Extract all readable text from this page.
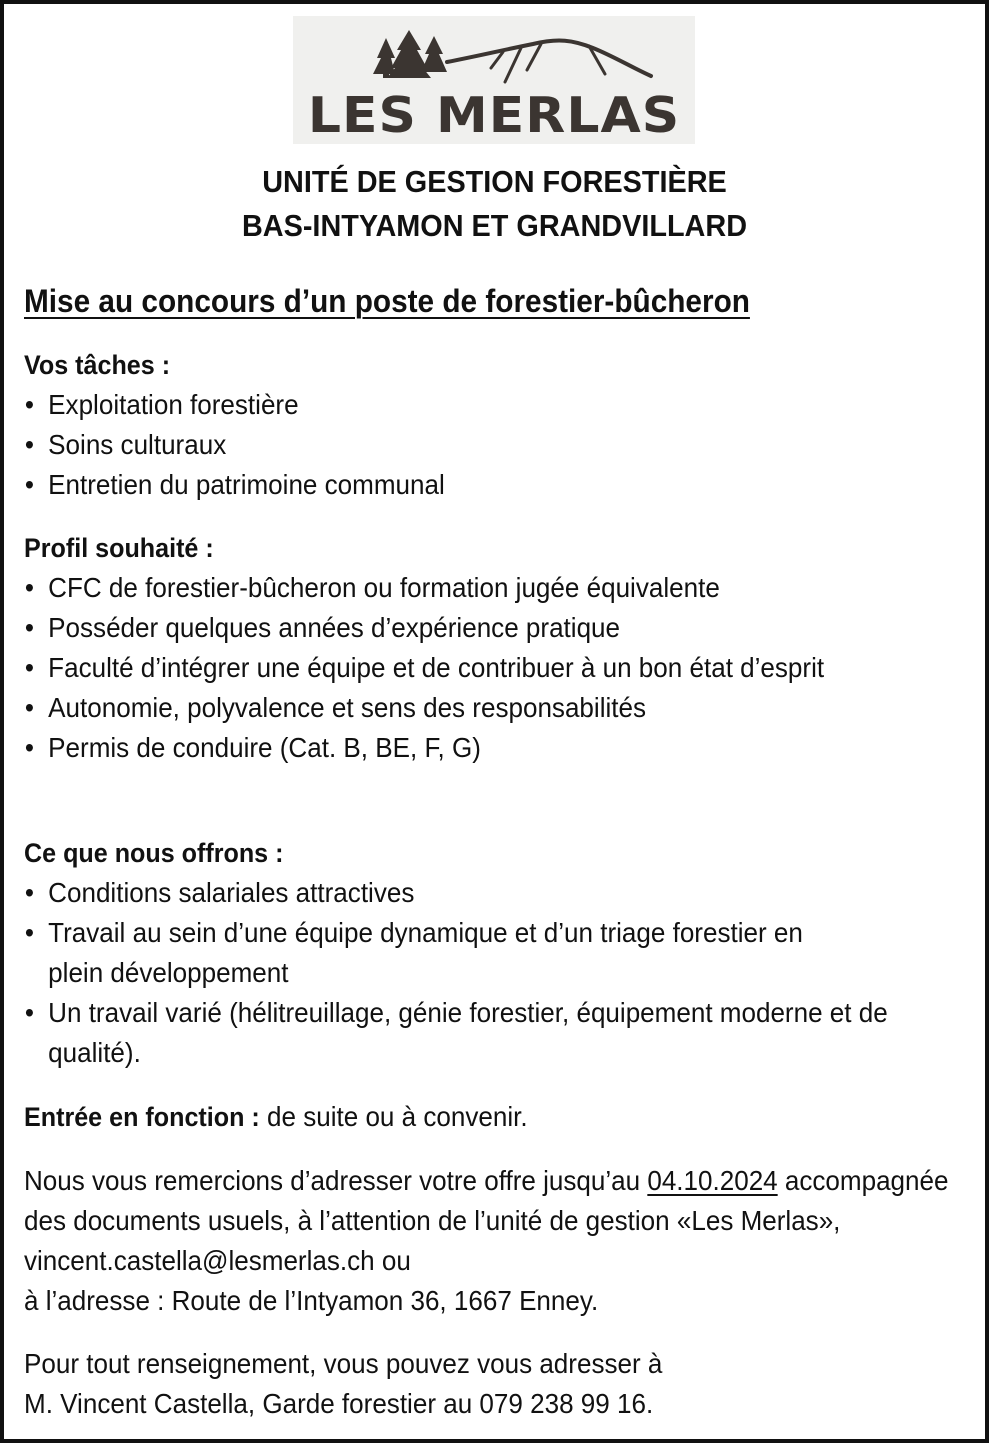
LES MERLAS
UNITÉ DE GESTION FORESTIÈRE
BAS-INTYAMON ET GRANDVILLARD
Mise au concours d’un poste de forestier-bûcheron
Vos tâches :
• Exploitation forestière
• Soins culturaux
• Entretien du patrimoine communal
Profil souhaité :
• CFC de forestier-bûcheron ou formation jugée équivalente
• Posséder quelques années d’expérience pratique
• Faculté d’intégrer une équipe et de contribuer à un bon état d’esprit
• Autonomie, polyvalence et sens des responsabilités
• Permis de conduire (Cat. B, BE, F, G)
Ce que nous offrons :
• Conditions salariales attractives
• Travail au sein d’une équipe dynamique et d’un triage forestier en plein développement
• Un travail varié (hélitreuillage, génie forestier, équipement moderne et de qualité).
Entrée en fonction : de suite ou à convenir.
Nous vous remercions d’adresser votre offre jusqu’au 04.10.2024 accompagnée des documents usuels, à l’attention de l’unité de gestion «Les Merlas», vincent.castella@lesmerlas.ch ou
à l’adresse : Route de l’Intyamon 36, 1667 Enney.
Pour tout renseignement, vous pouvez vous adresser à
M. Vincent Castella, Garde forestier au 079 238 99 16.
